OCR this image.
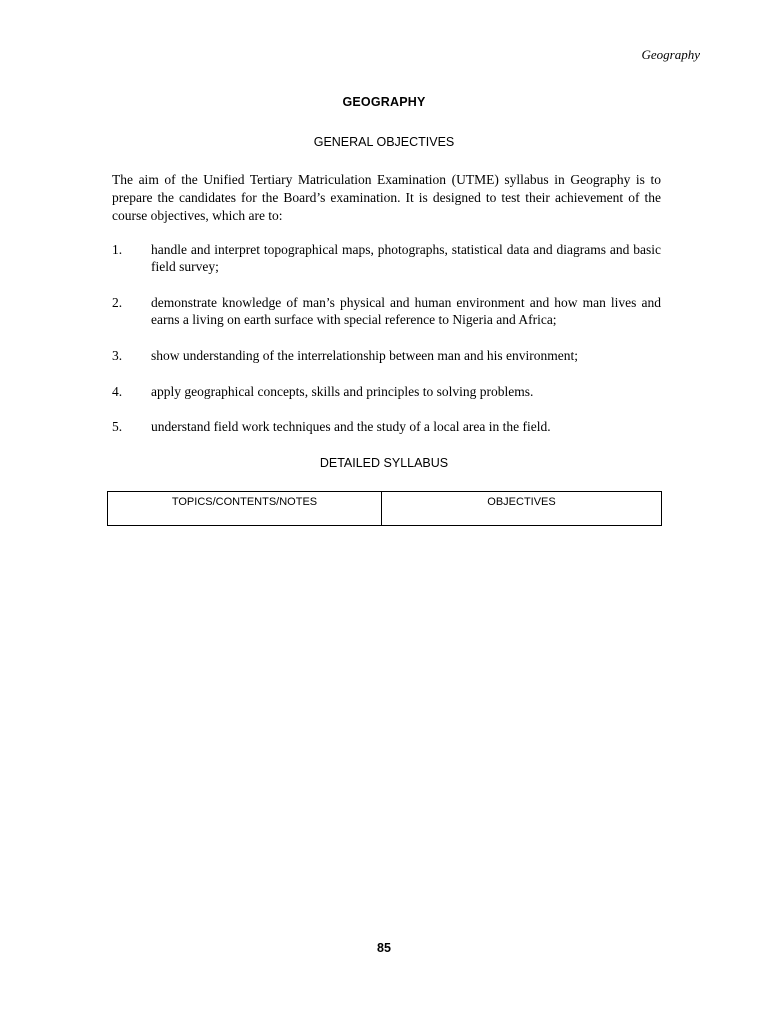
Geography
GEOGRAPHY
GENERAL OBJECTIVES

The aim of the Unified Tertiary Matriculation Examination (UTME) syllabus in Geography is to prepare the candidates for the Board’s examination. It is designed to test their achievement of the course objectives, which are to:

1.	handle and interpret topographical maps, photographs, statistical data and diagrams and basic field survey;
2.	demonstrate knowledge of man’s physical and human environment and how man lives and earns a living on earth surface with special reference to Nigeria and Africa;
3.	show understanding of the interrelationship between man and his environment;
4.	apply geographical concepts, skills and principles to solving problems.
5.	understand field work techniques and the study of a local area in the field.
DETAILED SYLLABUS
TOPICS/CONTENTS/NOTES	OBJECTIVES
85
